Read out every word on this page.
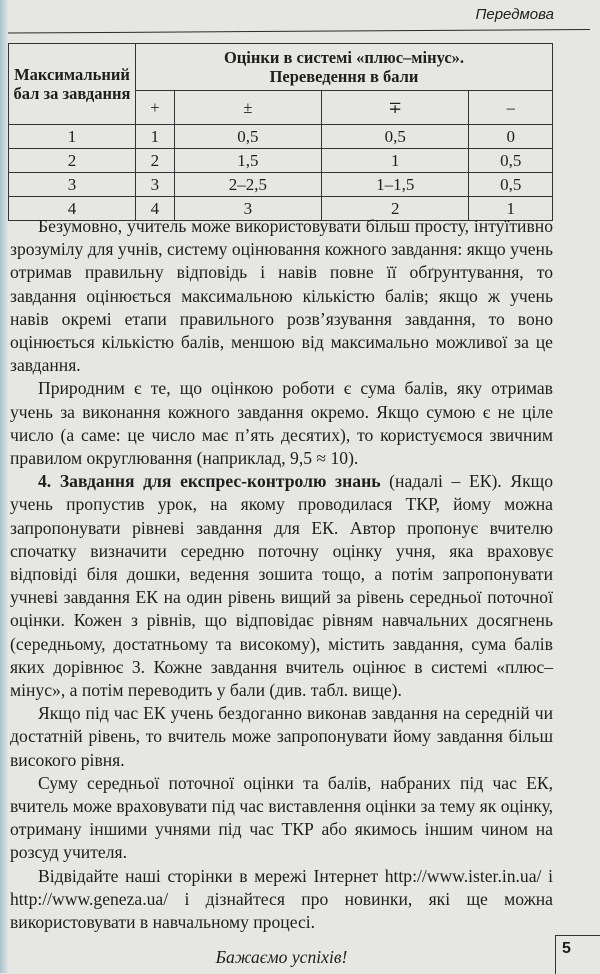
Передмова
Максимальний бал за завдання	Оцінки в системі «плюс–мінус».
Переведення в бали			

	+	±	∓	–
1	1	0,5	0,5	0
2	2	1,5	1	0,5
3	3	2–2,5	1–1,5	0,5
4	4	3	2	1

Безумовно, учитель може використовувати більш просту, інтуїтивно зрозумілу для учнів, систему оцінювання кожного завдання: якщо учень отримав правильну відповідь і навів повне її обґрунтування, то завдання оцінюється максимальною кількістю балів; якщо ж учень навів окремі етапи правильного розв’язування завдання, то воно оцінюється кількістю балів, меншою від максимально можливої за це завдання.

Природним є те, що оцінкою роботи є сума балів, яку отримав учень за виконання кожного завдання окремо. Якщо сумою є не ціле число (а саме: це число має п’ять десятих), то користуємося звичним правилом округлювання (наприклад, 9,5 ≈ 10).

4. Завдання для експрес-контролю знань (надалі – ЕК). Якщо учень пропустив урок, на якому проводилася ТКР, йому можна запропонувати рівневі завдання для ЕК. Автор пропонує вчителю спочатку визначити середню поточну оцінку учня, яка враховує відповіді біля дошки, ведення зошита тощо, а потім запропонувати учневі завдання ЕК на один рівень вищий за рівень середньої поточної оцінки. Кожен з рівнів, що відповідає рівням навчальних досягнень (середньому, достатньому та високому), містить завдання, сума балів яких дорівнює 3. Кожне завдання вчитель оцінює в системі «плюс–мінус», а потім переводить у бали (див. табл. вище).

Якщо під час ЕК учень бездоганно виконав завдання на середній чи достатній рівень, то вчитель може запропонувати йому завдання більш високого рівня.

Суму середньої поточної оцінки та балів, набраних під час ЕК, вчитель може враховувати під час виставлення оцінки за тему як оцінку, отриману іншими учнями під час ТКР або якимось іншим чином на розсуд учителя.

Відвідайте наші сторінки в мережі Інтернет http://www.ister.in.ua/ і http://www.geneza.ua/ і дізнайтеся про новинки, які ще можна використовувати в навчальному процесі.

Бажаємо успіхів!	5
